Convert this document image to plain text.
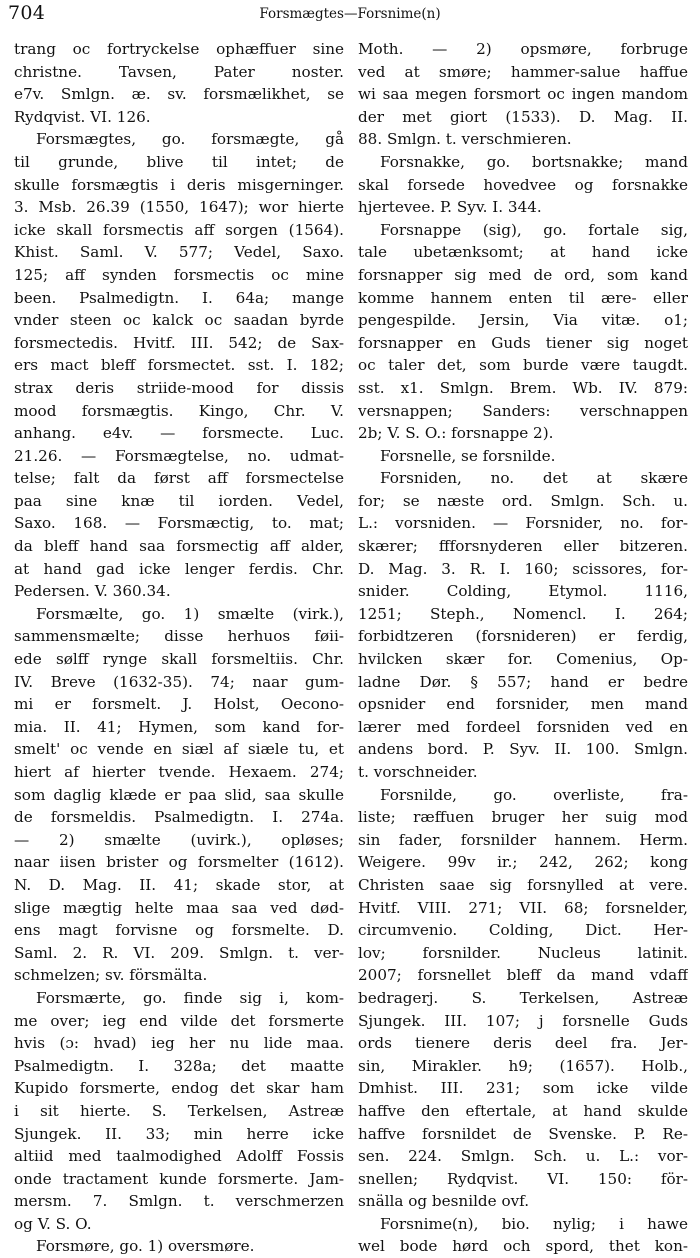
704	Forsmægtes—Forsnime(n)
trang oc fortryckelse ophæffuer sine
christne. Tavsen, Pater noster.
e7v. Smlgn. æ. sv. forsmælikhet, se
Rydqvist. VI. 126.
Forsmægtes, go. forsmægte, gå
til grunde, blive til intet; de
skulle forsmægtis i deris misgerninger.
3. Msb. 26.39 (1550, 1647); wor hierte
icke skall forsmectis aff sorgen (1564).
Khist. Saml. V. 577; Vedel, Saxo.
125; aff synden forsmectis oc mine
been. Psalmedigtn. I. 64a; mange
vnder steen oc kalck oc saadan byrde
forsmectedis. Hvitf. III. 542; de Sax-
ers mact bleff forsmectet. sst. I. 182;
strax deris striide-mood for dissis
mood forsmægtis. Kingo, Chr. V.
anhang. e4v. — forsmecte. Luc.
21.26. — Forsmægtelse, no. udmat-
telse; falt da først aff forsmectelse
paa sine knæ til iorden. Vedel,
Saxo. 168. — Forsmæctig, to. mat;
da bleff hand saa forsmectig aff alder,
at hand gad icke lenger ferdis. Chr.
Pedersen. V. 360.34.
Forsmælte, go. 1) smælte (virk.),
sammensmælte; disse herhuos føii-
ede sølff rynge skall forsmeltiis. Chr.
IV. Breve (1632-35). 74; naar gum-
mi er forsmelt. J. Holst, Oecono-
mia. II. 41; Hymen, som kand for-
smelt' oc vende en siæl af siæle tu, et
hiert af hierter tvende. Hexaem. 274;
som daglig klæde er paa slid, saa skulle
de forsmeldis. Psalmedigtn. I. 274a.
— 2) smælte (uvirk.), opløses;
naar iisen brister og forsmelter (1612).
N. D. Mag. II. 41; skade stor, at
slige mægtig helte maa saa ved død-
ens magt forvisne og forsmelte. D.
Saml. 2. R. VI. 209. Smlgn. t. ver-
schmelzen; sv. försmälta.
Forsmærte, go. finde sig i, kom-
me over; ieg end vilde det forsmerte
hvis (ɔ: hvad) ieg her nu lide maa.
Psalmedigtn. I. 328a; det maatte
Kupido forsmerte, endog det skar ham
i sit hierte. S. Terkelsen, Astreæ
Sjungek. II. 33; min herre icke
altiid med taalmodighed Adolff Fossis
onde tractament kunde forsmerte. Jam-
mersm. 7. Smlgn. t. verschmerzen
og V. S. O.
Forsmøre, go. 1) oversmøre.
Moth. — 2) opsmøre, forbruge
ved at smøre; hammer-salue haffue
wi saa megen forsmort oc ingen mandom
der met giort (1533). D. Mag. II.
88. Smlgn. t. verschmieren.
Forsnakke, go. bortsnakke; mand
skal forsede hovedvee og forsnakke
hjertevee. P. Syv. I. 344.
Forsnappe (sig), go. fortale sig,
tale ubetænksomt; at hand icke
forsnapper sig med de ord, som kand
komme hannem enten til ære- eller
pengespilde. Jersin, Via vitæ. o1;
forsnapper en Guds tiener sig noget
oc taler det, som burde være taugdt.
sst. x1. Smlgn. Brem. Wb. IV. 879:
versnappen; Sanders: verschnappen
2b; V. S. O.: forsnappe 2).
Forsnelle, se forsnilde.
Forsniden, no. det at skære
for; se næste ord. Smlgn. Sch. u.
L.: vorsniden. — Forsnider, no. for-
skærer; ffforsnyderen eller bitzeren.
D. Mag. 3. R. I. 160; scissores, for-
snider. Colding, Etymol. 1116,
1251; Steph., Nomencl. I. 264;
forbidtzeren (forsnideren) er ferdig,
hvilcken skær for. Comenius, Op-
ladne Dør. § 557; hand er bedre
opsnider end forsnider, men mand
lærer med fordeel forsniden ved en
andens bord. P. Syv. II. 100. Smlgn.
t. vorschneider.
Forsnilde, go. overliste, fra-
liste; ræffuen bruger her suig mod
sin fader, forsnilder hannem. Herm.
Weigere. 99v ir.; 242, 262; kong
Christen saae sig forsnylled at vere.
Hvitf. VIII. 271; VII. 68; forsnelder,
circumvenio. Colding, Dict. Her-
lov; forsnilder. Nucleus latinit.
2007; forsnellet bleff da mand vdaff
bedragerj. S. Terkelsen, Astreæ
Sjungek. III. 107; j forsnelle Guds
ords tienere deris deel fra. Jer-
sin, Mirakler. h9; (1657). Holb.,
Dmhist. III. 231; som icke vilde
haffve den eftertale, at hand skulde
haffve forsnildet de Svenske. P. Re-
sen. 224. Smlgn. Sch. u. L.: vor-
snellen; Rydqvist. VI. 150: för-
snälla og besnilde ovf.
Forsnime(n), bio. nylig; i hawe
wel bode hørd och spord, thet kon-
